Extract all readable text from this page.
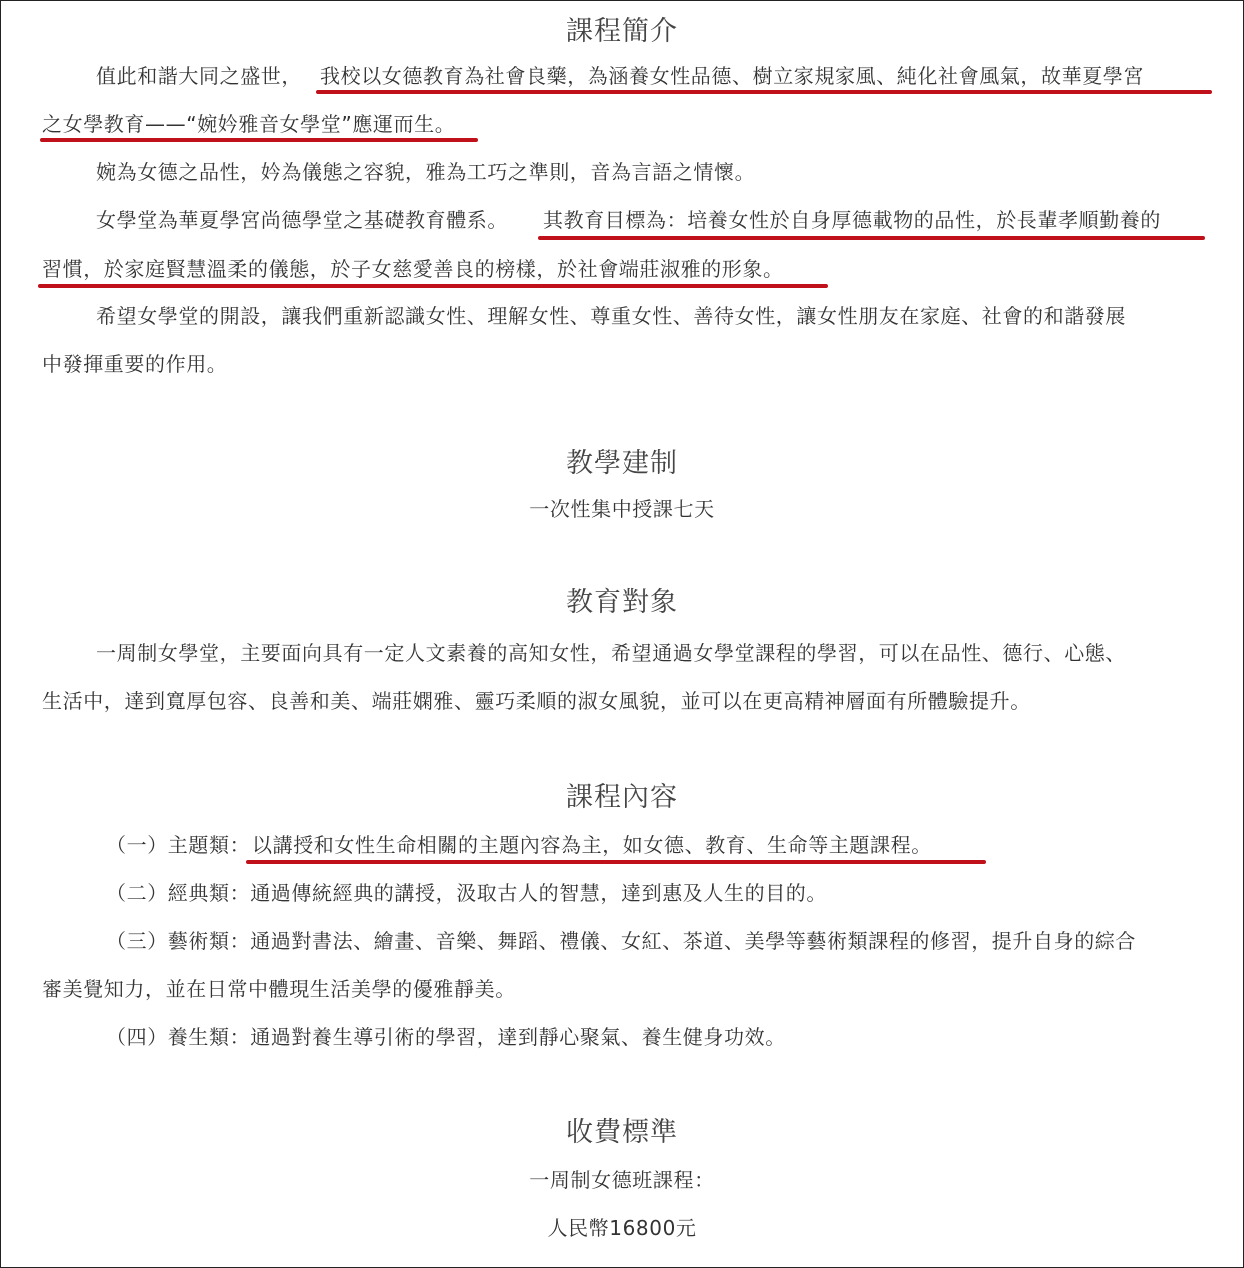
課程簡介
值此和諧大同之盛世， 我校以女德教育為社會良藥，為涵養女性品德、樹立家規家風、純化社會風氣，故華夏學宮
之女學教育——“婉妗雅音女學堂”應運而生。
婉為女德之品性，妗為儀態之容貌，雅為工巧之準則，音為言語之情懷。
女學堂為華夏學宮尚德學堂之基礎教育體系。 其教育目標為：培養女性於自身厚德載物的品性，於長輩孝順勤養的
習慣，於家庭賢慧溫柔的儀態，於子女慈愛善良的榜樣，於社會端莊淑雅的形象。
希望女學堂的開設，讓我們重新認識女性、理解女性、尊重女性、善待女性，讓女性朋友在家庭、社會的和諧發展
中發揮重要的作用。
教學建制
一次性集中授課七天
教育對象
一周制女學堂，主要面向具有一定人文素養的高知女性，希望通過女學堂課程的學習，可以在品性、德行、心態、
生活中，達到寬厚包容、良善和美、端莊嫻雅、靈巧柔順的淑女風貌，並可以在更高精神層面有所體驗提升。
課程內容
（一）主題類： 以講授和女性生命相關的主題內容為主，如女德、教育、生命等主題課程。
（二）經典類：通過傳統經典的講授，汲取古人的智慧，達到惠及人生的目的。
（三）藝術類：通過對書法、繪畫、音樂、舞蹈、禮儀、女紅、茶道、美學等藝術類課程的修習，提升自身的綜合
審美覺知力，並在日常中體現生活美學的優雅靜美。
（四）養生類：通過對養生導引術的學習，達到靜心聚氣、養生健身功效。
收費標準
一周制女德班課程：
人民幣16800元
